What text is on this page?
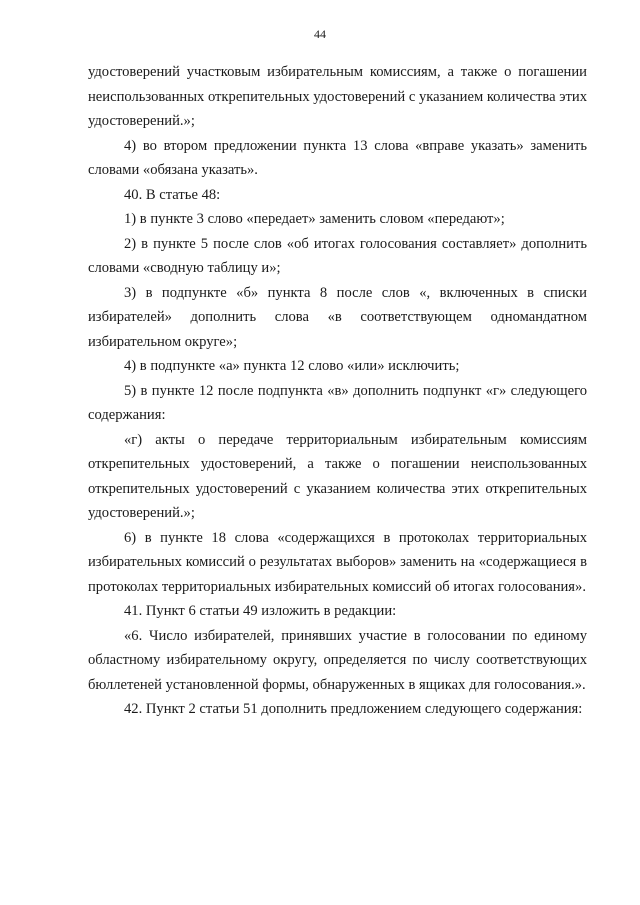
44

удостоверений участковым избирательным комиссиям, а также о погашении неиспользованных открепительных удостоверений с указанием количества этих удостоверений.»;

4) во втором предложении пункта 13 слова «вправе указать» заменить словами «обязана указать».

40. В статье 48:

1) в пункте 3 слово «передает» заменить словом «передают»;

2) в пункте 5 после слов «об итогах голосования составляет» дополнить словами «сводную таблицу и»;

3) в подпункте «б» пункта 8 после слов «, включенных в списки избирателей» дополнить слова «в соответствующем одномандатном избирательном округе»;

4) в подпункте «а» пункта 12 слово «или» исключить;

5) в пункте 12 после подпункта «в» дополнить подпункт «г» следующего содержания:

«г) акты о передаче территориальным избирательным комиссиям открепительных удостоверений, а также о погашении неиспользованных открепительных удостоверений с указанием количества этих открепительных удостоверений.»;

6) в пункте 18 слова «содержащихся в протоколах территориальных избирательных комиссий о результатах выборов» заменить на «содержащиеся в протоколах территориальных избирательных комиссий об итогах голосования».

41. Пункт 6 статьи 49 изложить в редакции:

«6. Число избирателей, принявших участие в голосовании по единому областному избирательному округу, определяется по числу соответствующих бюллетеней установленной формы, обнаруженных в ящиках для голосования.».

42. Пункт 2 статьи 51 дополнить предложением следующего содержания:
